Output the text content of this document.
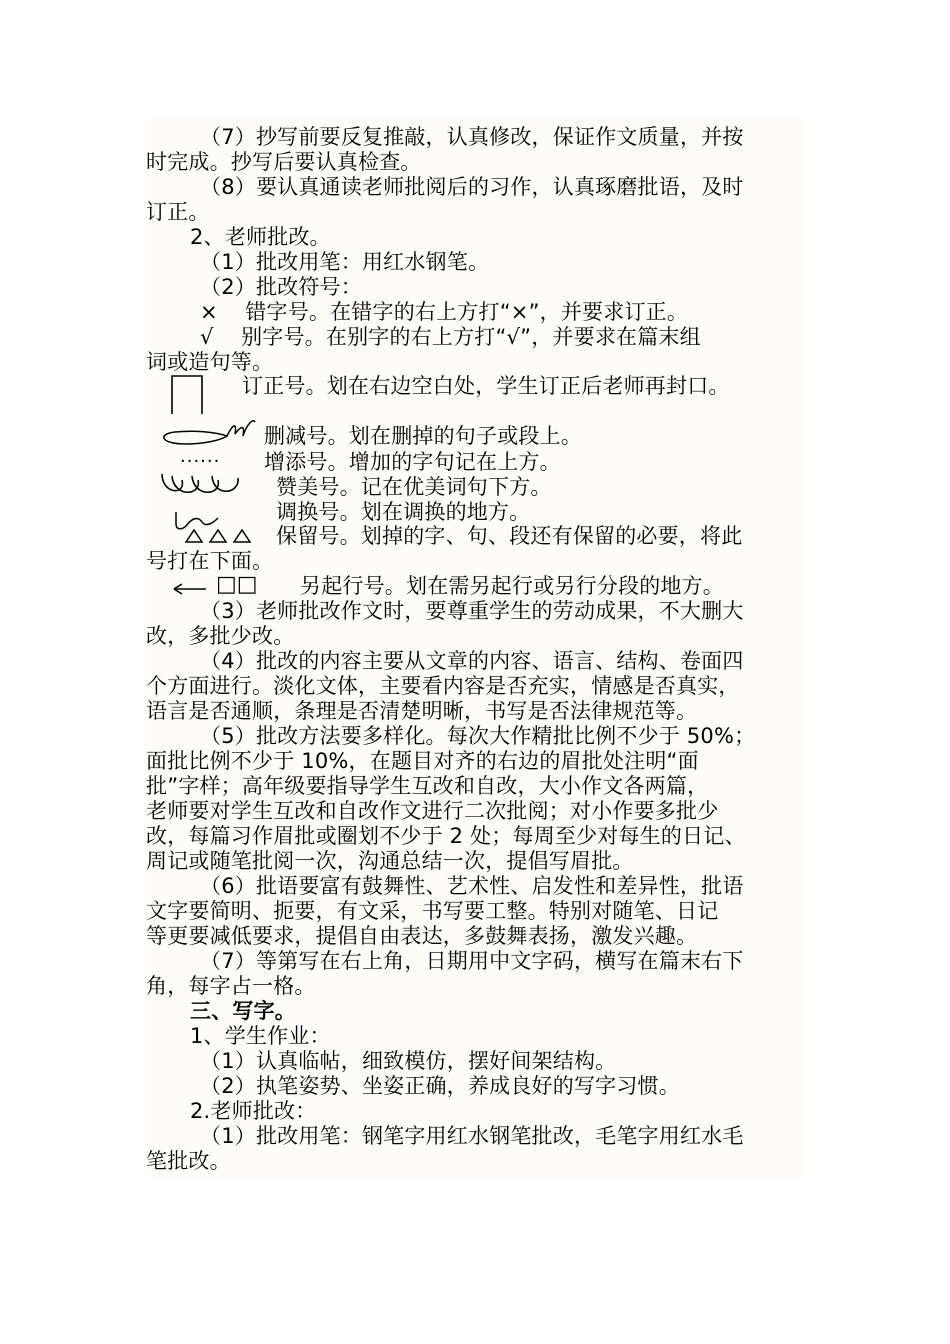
......
□□
（7）抄写前要反复推敲，认真修改，保证作文质量，并按
时完成。抄写后要认真检查。
（8）要认真通读老师批阅后的习作，认真琢磨批语，及时
订正。
2、老师批改。
（1）批改用笔：用红水钢笔。
（2）批改符号：
×    错字号。在错字的右上方打“×”，并要求订正。
√    别字号。在别字的右上方打“√”，并要求在篇末组
词或造句等。
订正号。划在右边空白处，学生订正后老师再封口。
删减号。划在删掉的句子或段上。
增添号。增加的字句记在上方。
赞美号。记在优美词句下方。
调换号。划在调换的地方。
保留号。划掉的字、句、段还有保留的必要，将此
号打在下面。
另起行号。划在需另起行或另行分段的地方。
（3）老师批改作文时，要尊重学生的劳动成果，不大删大
改，多批少改。
（4）批改的内容主要从文章的内容、语言、结构、卷面四
个方面进行。淡化文体，主要看内容是否充实，情感是否真实，
语言是否通顺，条理是否清楚明晰，书写是否法律规范等。
（5）批改方法要多样化。每次大作精批比例不少于 50%；
面批比例不少于 10%，在题目对齐的右边的眉批处注明“面
批”字样；高年级要指导学生互改和自改，大小作文各两篇，
老师要对学生互改和自改作文进行二次批阅；对小作要多批少
改，每篇习作眉批或圈划不少于 2 处；每周至少对每生的日记、
周记或随笔批阅一次，沟通总结一次，提倡写眉批。
（6）批语要富有鼓舞性、艺术性、启发性和差异性，批语
文字要简明、扼要，有文采，书写要工整。特别对随笔、日记
等更要减低要求，提倡自由表达，多鼓舞表扬，激发兴趣。
（7）等第写在右上角，日期用中文字码，横写在篇末右下
角，每字占一格。
三、写字。
1、学生作业：
（1）认真临帖，细致模仿，摆好间架结构。
（2）执笔姿势、坐姿正确，养成良好的写字习惯。
2.老师批改：
（1）批改用笔：钢笔字用红水钢笔批改，毛笔字用红水毛
笔批改。
